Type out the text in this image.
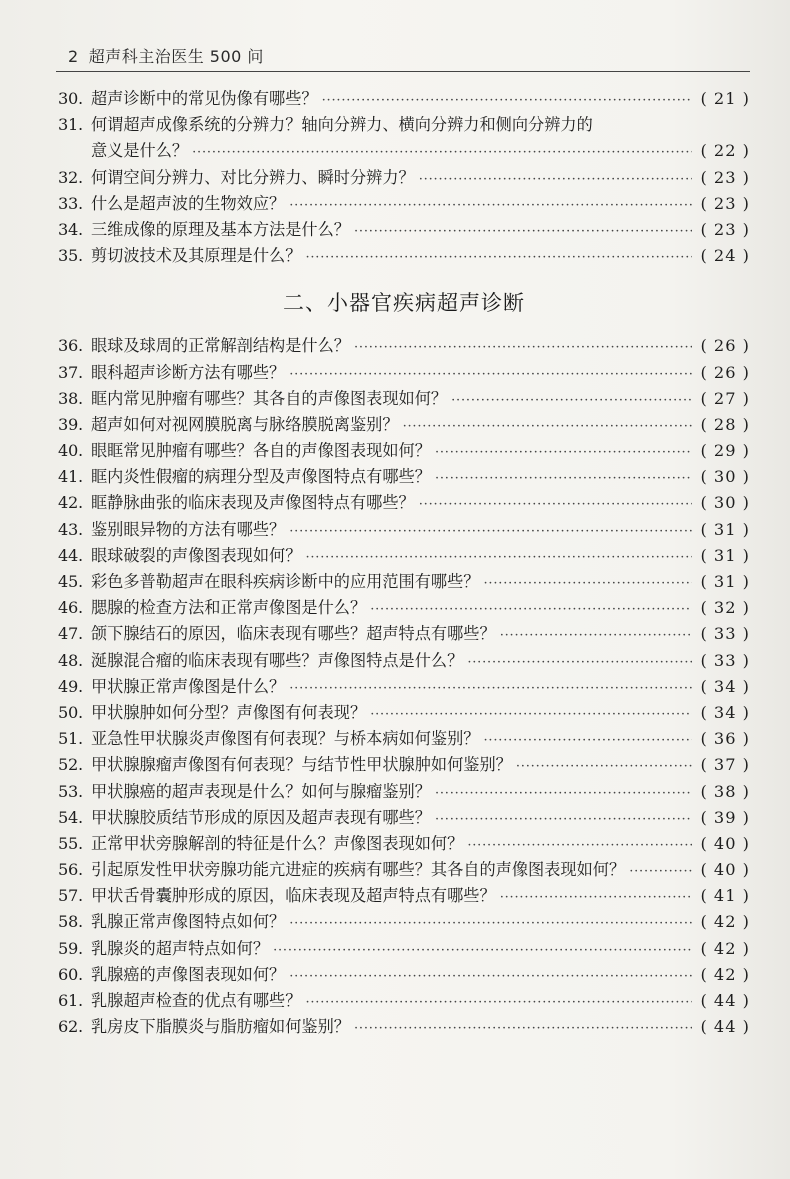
2 超声科主治医生 500 问
30. 超声诊断中的常见伪像有哪些？ ·····	( 21 )
31. 何谓超声成像系统的分辨力？轴向分辨力、横向分辨力和侧向分辨力的
意义是什么？ ·····	( 22 )
32. 何谓空间分辨力、对比分辨力、瞬时分辨力？ ·····	( 23 )
33. 什么是超声波的生物效应？ ·····	( 23 )
34. 三维成像的原理及基本方法是什么？ ·····	( 23 )
35. 剪切波技术及其原理是什么？ ·····	( 24 )
二、小器官疾病超声诊断
36. 眼球及球周的正常解剖结构是什么？ ·····	( 26 )
37. 眼科超声诊断方法有哪些？ ·····	( 26 )
38. 眶内常见肿瘤有哪些？其各自的声像图表现如何？ ·····	( 27 )
39. 超声如何对视网膜脱离与脉络膜脱离鉴别？ ·····	( 28 )
40. 眼眶常见肿瘤有哪些？各自的声像图表现如何？ ·····	( 29 )
41. 眶内炎性假瘤的病理分型及声像图特点有哪些？ ·····	( 30 )
42. 眶静脉曲张的临床表现及声像图特点有哪些？ ·····	( 30 )
43. 鉴别眼异物的方法有哪些？ ·····	( 31 )
44. 眼球破裂的声像图表现如何？ ·····	( 31 )
45. 彩色多普勒超声在眼科疾病诊断中的应用范围有哪些？ ·····	( 31 )
46. 腮腺的检查方法和正常声像图是什么？ ·····	( 32 )
47. 颌下腺结石的原因，临床表现有哪些？超声特点有哪些？ ·····	( 33 )
48. 涎腺混合瘤的临床表现有哪些？声像图特点是什么？ ·····	( 33 )
49. 甲状腺正常声像图是什么？ ·····	( 34 )
50. 甲状腺肿如何分型？声像图有何表现？ ·····	( 34 )
51. 亚急性甲状腺炎声像图有何表现？与桥本病如何鉴别？ ·····	( 36 )
52. 甲状腺腺瘤声像图有何表现？与结节性甲状腺肿如何鉴别？ ·····	( 37 )
53. 甲状腺癌的超声表现是什么？如何与腺瘤鉴别？ ·····	( 38 )
54. 甲状腺胶质结节形成的原因及超声表现有哪些？ ·····	( 39 )
55. 正常甲状旁腺解剖的特征是什么？声像图表现如何？ ·····	( 40 )
56. 引起原发性甲状旁腺功能亢进症的疾病有哪些？其各自的声像图表现如何？ ·····	( 40 )
57. 甲状舌骨囊肿形成的原因，临床表现及超声特点有哪些？ ·····	( 41 )
58. 乳腺正常声像图特点如何？ ·····	( 42 )
59. 乳腺炎的超声特点如何？ ·····	( 42 )
60. 乳腺癌的声像图表现如何？ ·····	( 42 )
61. 乳腺超声检查的优点有哪些？ ·····	( 44 )
62. 乳房皮下脂膜炎与脂肪瘤如何鉴别？ ·····	( 44 )
